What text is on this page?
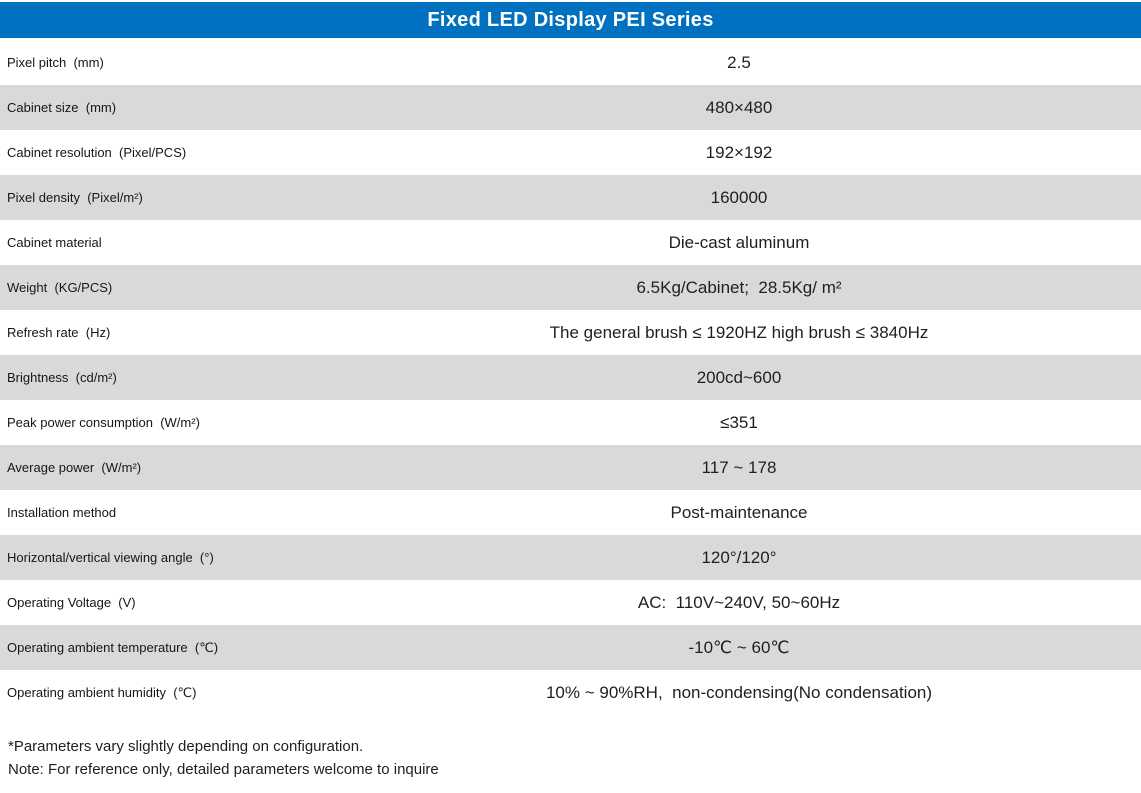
Fixed LED Display PEI Series
Pixel pitch  (mm)	2.5
Cabinet size  (mm)	480×480
Cabinet resolution  (Pixel/PCS)	192×192
Pixel density  (Pixel/m²)	160000
Cabinet material	Die-cast aluminum
Weight  (KG/PCS)	6.5Kg/Cabinet;  28.5Kg/ m²
Refresh rate  (Hz)	The general brush ≤ 1920HZ high brush ≤ 3840Hz
Brightness  (cd/m²)	200cd~600
Peak power consumption  (W/m²)	≤351
Average power  (W/m²)	117 ~ 178
Installation method	Post-maintenance
Horizontal/vertical viewing angle  (°)	120°/120°
Operating Voltage  (V)	AC:  110V~240V, 50~60Hz
Operating ambient temperature  (℃)	-10℃ ~ 60℃
Operating ambient humidity  (℃)	10% ~ 90%RH,  non-condensing(No condensation)
*Parameters vary slightly depending on configuration.
Note: For reference only, detailed parameters welcome to inquire
